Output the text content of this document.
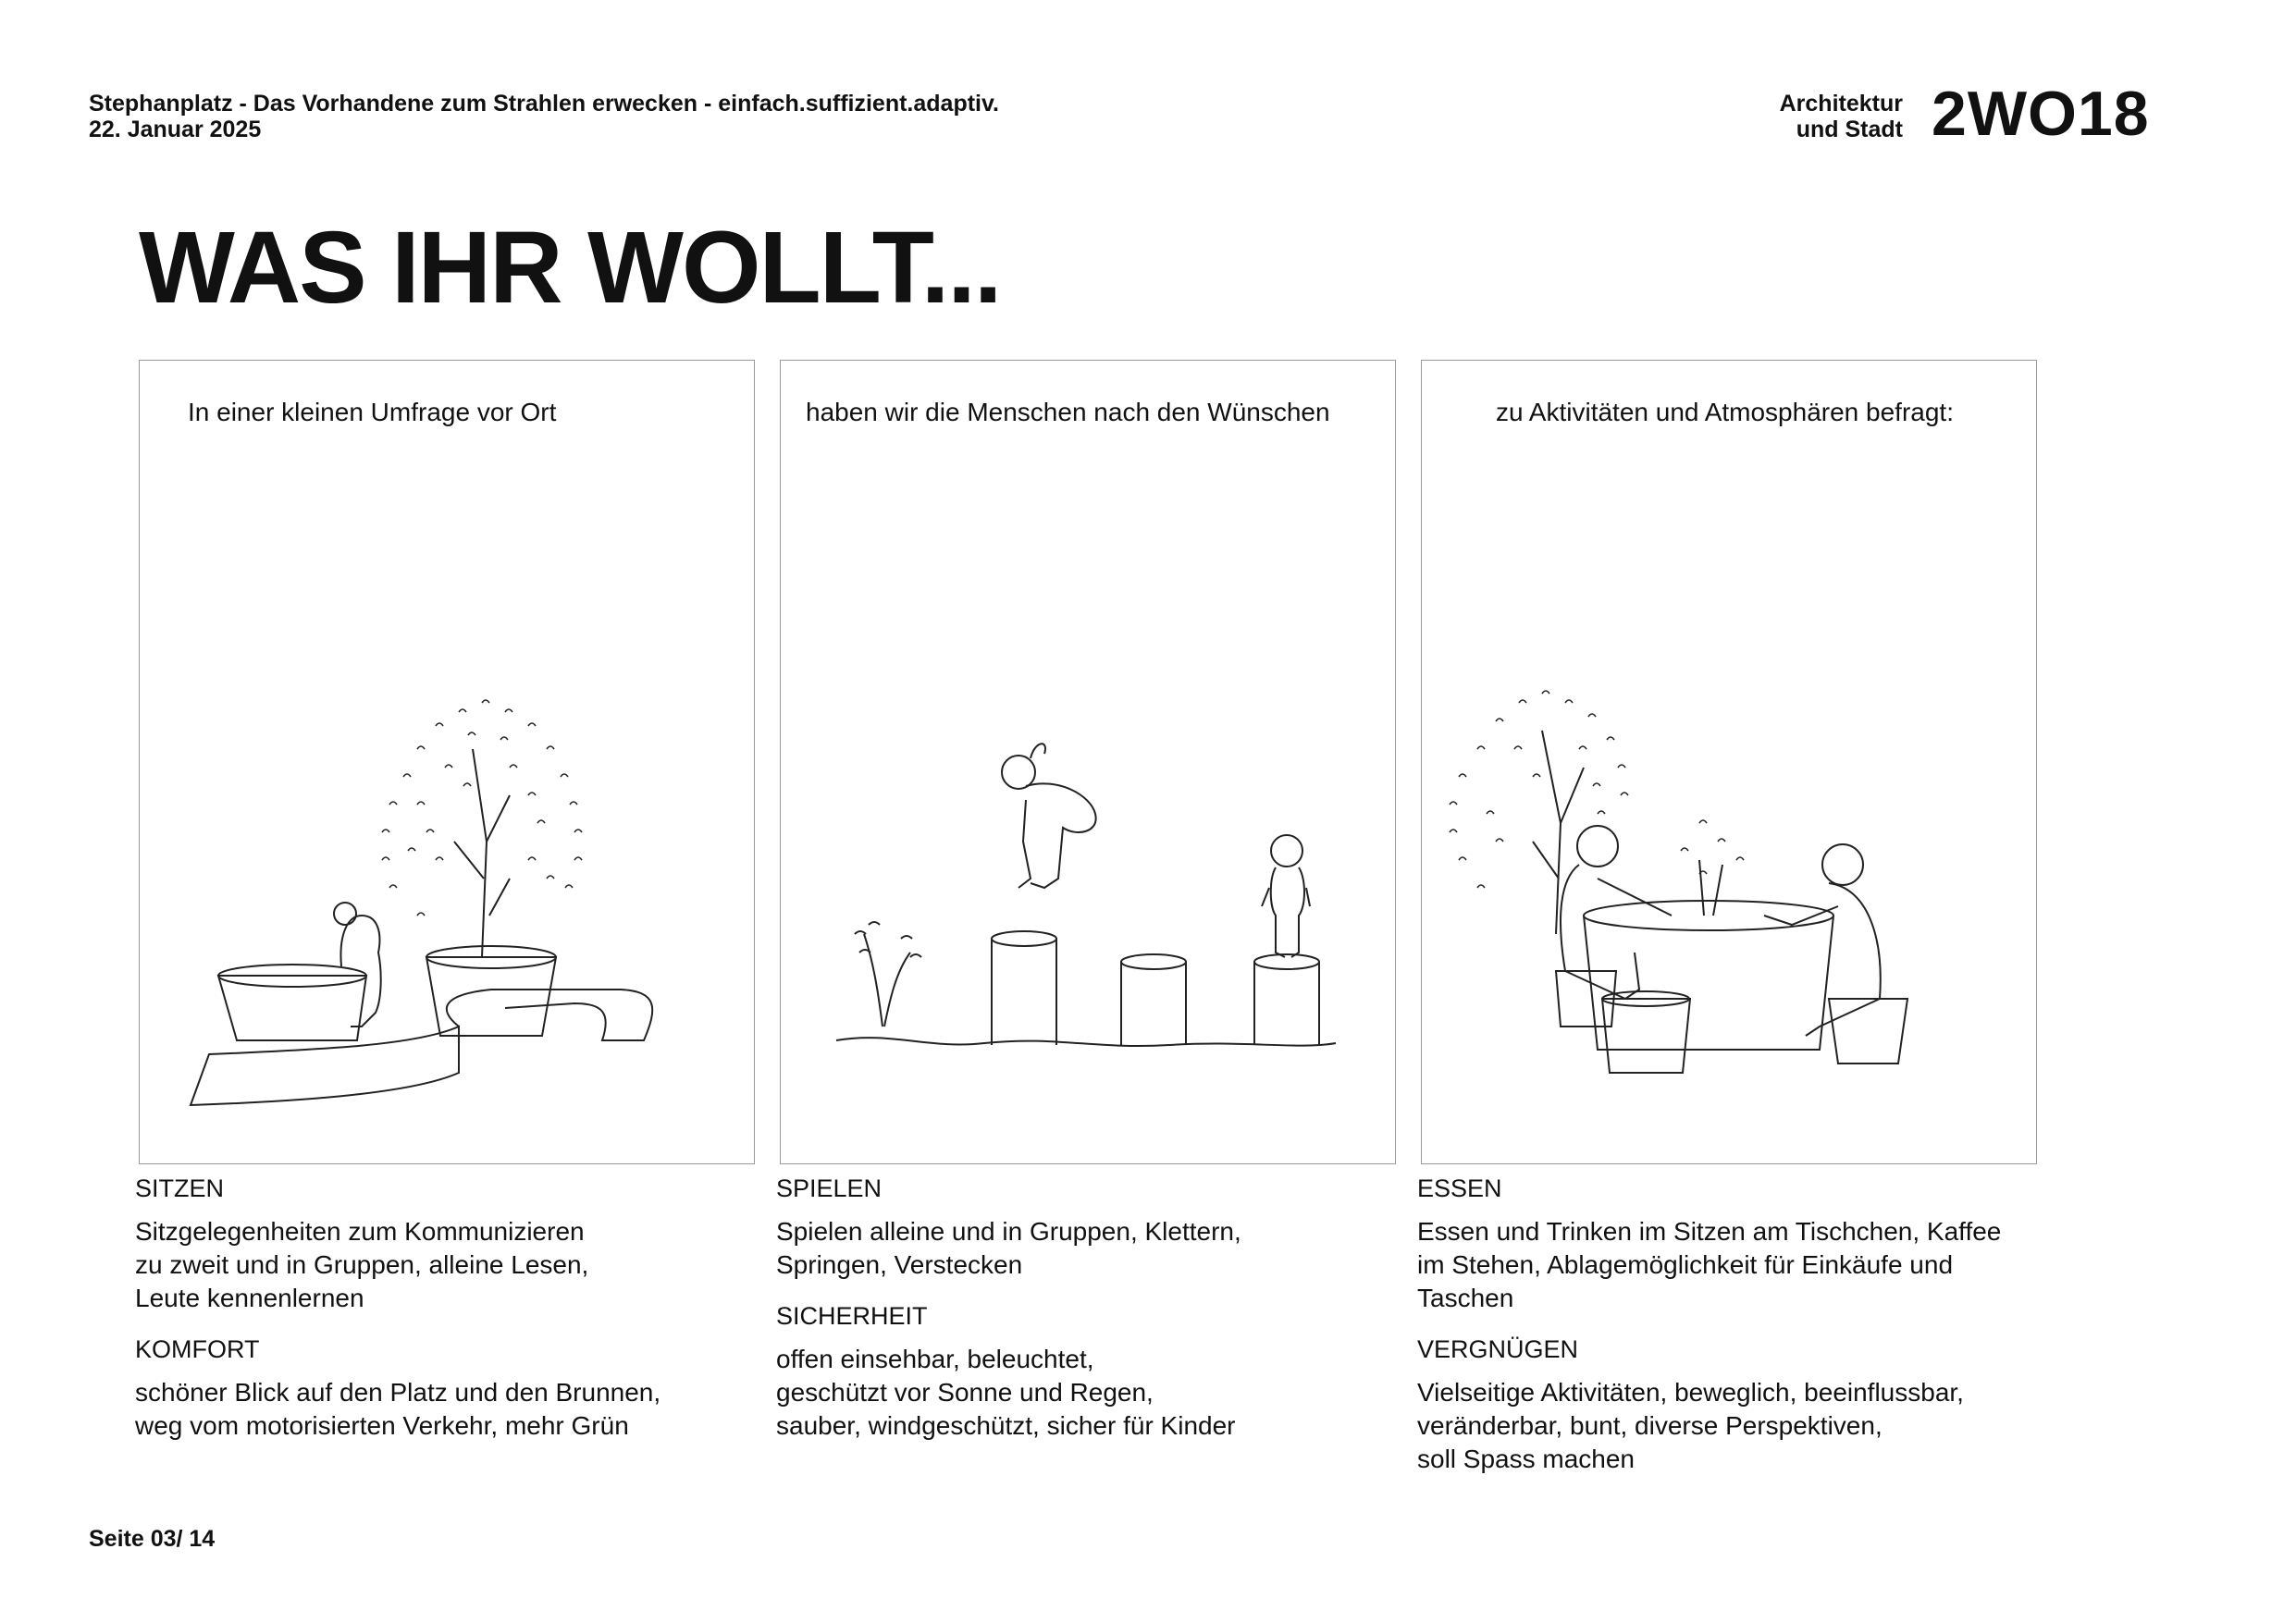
Stephanplatz - Das Vorhandene zum Strahlen erwecken - einfach.suffizient.adaptiv.
22. Januar 2025
Architektur
und Stadt 2WO18
WAS IHR WOLLT...
In einer kleinen Umfrage vor Ort	haben wir die Menschen nach den Wünschen	zu Aktivitäten und Atmosphären befragt:

SITZEN

Sitzgelegenheiten zum Kommunizieren
zu zweit und in Gruppen, alleine Lesen,
Leute kennenlernen

KOMFORT

schöner Blick auf den Platz und den Brunnen,
weg vom motorisierten Verkehr, mehr Grün

SPIELEN

Spielen alleine und in Gruppen, Klettern,
Springen, Verstecken

SICHERHEIT

offen einsehbar, beleuchtet,
geschützt vor Sonne und Regen,
sauber, windgeschützt, sicher für Kinder

ESSEN

Essen und Trinken im Sitzen am Tischchen, Kaffee
im Stehen, Ablagemöglichkeit für Einkäufe und
Taschen

VERGNÜGEN

Vielseitige Aktivitäten, beweglich, beeinflussbar,
veränderbar, bunt, diverse Perspektiven,
soll Spass machen

Seite 03/ 14
